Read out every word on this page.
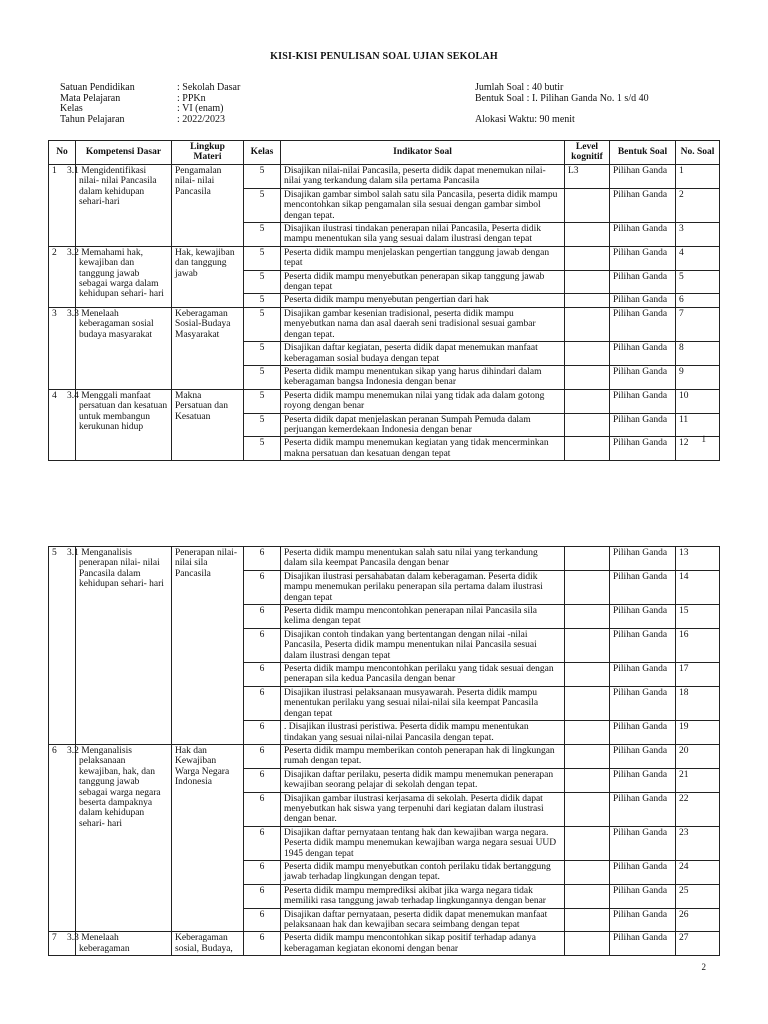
KISI-KISI PENULISAN SOAL UJIAN SEKOLAH
Satuan Pendidikan	: Sekolah Dasar
Mata Pelajaran	: PPKn
Kelas	: VI (enam)
Tahun Pelajaran	: 2022/2023
Jumlah Soal : 40 butir
Bentuk Soal : I. Pilihan Ganda No. 1 s/d 40
Alokasi Waktu: 90 menit
No	Kompetensi Dasar	Lingkup Materi	Kelas	Indikator Soal	Level kognitif	Bentuk Soal	No. Soal
1	3.1 Mengidentifikasi nilai- nilai Pancasila dalam kehidupan sehari-hari	Pengamalan nilai- nilai Pancasila	5	Disajikan nilai-nilai Pancasila, peserta didik dapat menemukan nilai-nilai yang terkandung dalam sila pertama Pancasila	L3	Pilihan Ganda	1
			5	Disajikan gambar simbol salah satu sila Pancasila, peserta didik mampu mencontohkan sikap pengamalan sila sesuai dengan gambar simbol dengan tepat.		Pilihan Ganda	2
			5	Disajikan ilustrasi tindakan penerapan nilai Pancasila, Peserta didik mampu menentukan sila yang sesuai dalam ilustrasi dengan tepat		Pilihan Ganda	3
2	3.2 Memahami hak, kewajiban dan tanggung jawab sebagai warga dalam kehidupan sehari- hari	Hak, kewajiban dan tanggung jawab	5	Peserta didik mampu menjelaskan pengertian tanggung jawab dengan tepat		Pilihan Ganda	4
			5	Peserta didik mampu menyebutkan penerapan sikap tanggung jawab dengan tepat		Pilihan Ganda	5
			5	Peserta didik mampu menyebutan pengertian dari hak		Pilihan Ganda	6
3	3.3 Menelaah keberagaman sosial budaya masyarakat	Keberagaman Sosial-Budaya Masyarakat	5	Disajikan gambar kesenian tradisional, peserta didik mampu menyebutkan nama dan asal daerah seni tradisional sesuai gambar dengan tepat.		Pilihan Ganda	7
			5	Disajikan daftar kegiatan, peserta didik dapat menemukan manfaat keberagaman sosial budaya dengan tepat		Pilihan Ganda	8
			5	Peserta didik mampu menentukan sikap yang harus dihindari dalam keberagaman bangsa Indonesia dengan benar		Pilihan Ganda	9
4	3.4 Menggali manfaat persatuan dan kesatuan untuk membangun kerukunan hidup	Makna Persatuan dan Kesatuan	5	Peserta didik mampu menemukan nilai yang tidak ada dalam gotong royong dengan benar		Pilihan Ganda	10
			5	Peserta didik dapat menjelaskan peranan Sumpah Pemuda dalam perjuangan kemerdekaan Indonesia dengan benar		Pilihan Ganda	11
			5	Peserta didik mampu menemukan kegiatan yang tidak mencerminkan makna persatuan dan kesatuan dengan tepat		Pilihan Ganda	12 1
5	3.1 Menganalisis penerapan nilai- nilai Pancasila dalam kehidupan sehari- hari	Penerapan nilai-nilai sila Pancasila	6	Peserta didik mampu menentukan salah satu nilai yang terkandung dalam sila keempat Pancasila dengan benar		Pilihan Ganda	13
			6	Disajikan ilustrasi persahabatan dalam keberagaman. Peserta didik mampu menemukan perilaku penerapan sila pertama dalam ilustrasi dengan tepat		Pilihan Ganda	14
			6	Peserta didik mampu mencontohkan penerapan nilai Pancasila sila kelima dengan tepat		Pilihan Ganda	15
			6	Disajikan contoh tindakan yang bertentangan dengan nilai -nilai Pancasila, Peserta didik mampu menentukan nilai Pancasila sesuai dalam ilustrasi dengan tepat		Pilihan Ganda	16
			6	Peserta didik mampu mencontohkan perilaku yang tidak sesuai dengan penerapan sila kedua Pancasila dengan benar		Pilihan Ganda	17
			6	Disajikan ilustrasi pelaksanaan musyawarah. Peserta didik mampu menentukan perilaku yang sesuai nilai-nilai sila keempat Pancasila dengan tepat		Pilihan Ganda	18
			6	. Disajikan ilustrasi peristiwa. Peserta didik mampu menentukan tindakan yang sesuai nilai-nilai Pancasila dengan tepat.		Pilihan Ganda	19
6	3.2 Menganalisis pelaksanaan kewajiban, hak, dan tanggung jawab sebagai warga negara beserta dampaknya dalam kehidupan sehari- hari	Hak dan Kewajiban Warga Negara Indonesia	6	Peserta didik mampu memberikan contoh penerapan hak di lingkungan rumah dengan tepat.		Pilihan Ganda	20
			6	Disajikan daftar perilaku, peserta didik mampu menemukan penerapan kewajiban seorang pelajar di sekolah dengan tepat.		Pilihan Ganda	21
			6	Disajikan gambar ilustrasi kerjasama di sekolah. Peserta didik dapat menyebutkan hak siswa yang terpenuhi dari kegiatan dalam ilustrasi dengan benar.		Pilihan Ganda	22
			6	Disajikan daftar pernyataan tentang hak dan kewajiban warga negara. Peserta didik mampu menemukan kewajiban warga negara sesuai UUD 1945 dengan tepat		Pilihan Ganda	23
			6	Peserta didik mampu menyebutkan contoh perilaku tidak bertanggung jawab terhadap lingkungan dengan tepat.		Pilihan Ganda	24
			6	Peserta didik mampu memprediksi akibat jika warga negara tidak memiliki rasa tanggung jawab terhadap lingkungannya dengan benar		Pilihan Ganda	25
			6	Disajikan daftar pernyataan, peserta didik dapat menemukan manfaat pelaksanaan hak dan kewajiban secara seimbang dengan tepat		Pilihan Ganda	26
7	3.3 Menelaah keberagaman	Keberagaman sosial, Budaya,	6	Peserta didik mampu mencontohkan sikap positif terhadap adanya keberagaman kegiatan ekonomi dengan benar		Pilihan Ganda	27
2
